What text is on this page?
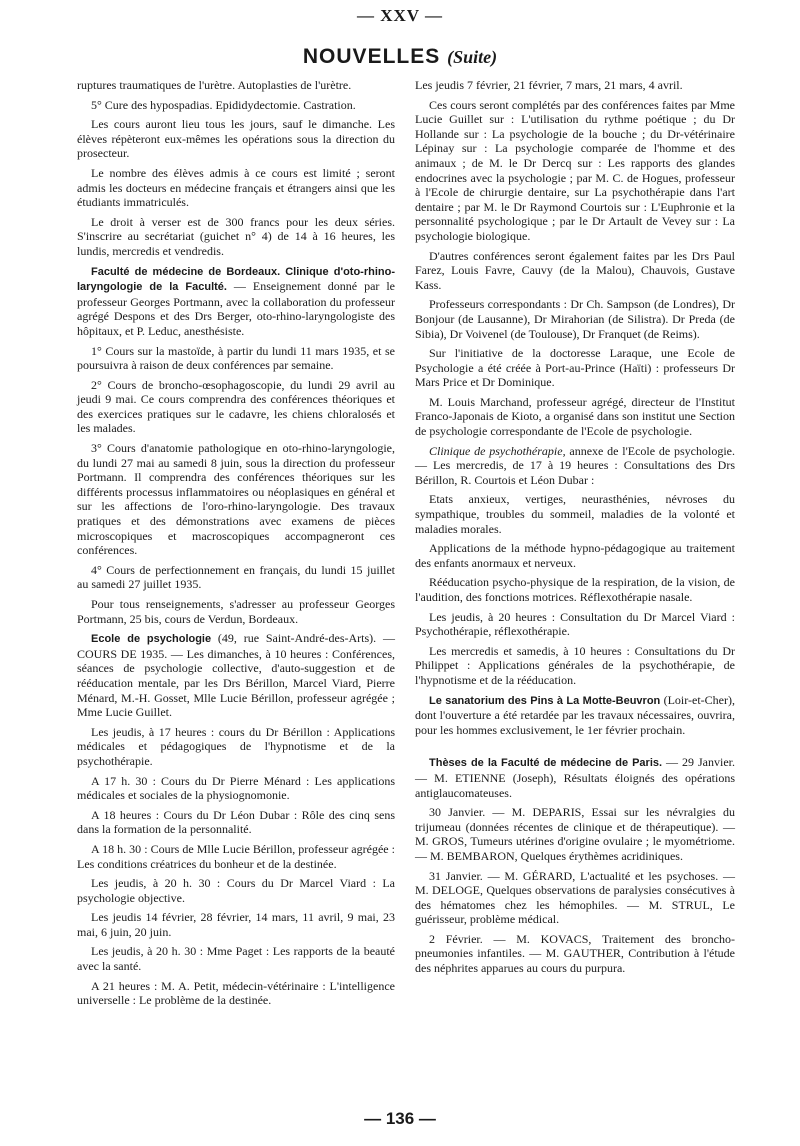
— XXV —
NOUVELLES (Suite)

ruptures traumatiques de l'urètre. Autoplasties de l'urètre.

5° Cure des hypospadias. Epididydectomie. Castration.

Les cours auront lieu tous les jours, sauf le dimanche. Les élèves répèteront eux-mêmes les opérations sous la direction du prosecteur.

Le nombre des élèves admis à ce cours est limité ; seront admis les docteurs en médecine français et étrangers ainsi que les étudiants immatriculés.

Le droit à verser est de 300 francs pour les deux séries. S'inscrire au secrétariat (guichet n° 4) de 14 à 16 heures, les lundis, mercredis et vendredis.

Faculté de médecine de Bordeaux. Clinique d'oto-rhino-laryngologie de la Faculté. — Enseignement donné par le professeur Georges Portmann, avec la collaboration du professeur agrégé Despons et des Drs Berger, oto-rhino-laryngologiste des hôpitaux, et P. Leduc, anesthésiste.

1° Cours sur la mastoïde, à partir du lundi 11 mars 1935, et se poursuivra à raison de deux conférences par semaine.

2° Cours de broncho-œsophagoscopie, du lundi 29 avril au jeudi 9 mai. Ce cours comprendra des conférences théoriques et des exercices pratiques sur le cadavre, les chiens chloralosés et les malades.

3° Cours d'anatomie pathologique en oto-rhino-laryngologie, du lundi 27 mai au samedi 8 juin, sous la direction du professeur Portmann. Il comprendra des conférences théoriques sur les différents processus inflammatoires ou néoplasiques en général et sur les affections de l'oro-rhino-laryngologie. Des travaux pratiques et des démonstrations avec examens de pièces microscopiques et macroscopiques accompagneront ces conférences.

4° Cours de perfectionnement en français, du lundi 15 juillet au samedi 27 juillet 1935.

Pour tous renseignements, s'adresser au professeur Georges Portmann, 25 bis, cours de Verdun, Bordeaux.

Ecole de psychologie (49, rue Saint-André-des-Arts). — COURS DE 1935. — Les dimanches, à 10 heures : Conférences, séances de psychologie collective, d'auto-suggestion et de rééducation mentale, par les Drs Bérillon, Marcel Viard, Pierre Ménard, M.-H. Gosset, Mlle Lucie Bérillon, professeur agrégée ; Mme Lucie Guillet.

Les jeudis, à 17 heures : cours du Dr Bérillon : Applications médicales et pédagogiques de l'hypnotisme et de la psychothérapie.

A 17 h. 30 : Cours du Dr Pierre Ménard : Les applications médicales et sociales de la physiognomonie.

A 18 heures : Cours du Dr Léon Dubar : Rôle des cinq sens dans la formation de la personnalité.

A 18 h. 30 : Cours de Mlle Lucie Bérillon, professeur agrégée : Les conditions créatrices du bonheur et de la destinée.

Les jeudis, à 20 h. 30 : Cours du Dr Marcel Viard : La psychologie objective.

Les jeudis 14 février, 28 février, 14 mars, 11 avril, 9 mai, 23 mai, 6 juin, 20 juin.

Les jeudis, à 20 h. 30 : Mme Paget : Les rapports de la beauté avec la santé.

A 21 heures : M. A. Petit, médecin-vétérinaire : L'intelligence universelle : Le problème de la destinée.

Les jeudis 7 février, 21 février, 7 mars, 21 mars, 4 avril.

Ces cours seront complétés par des conférences faites par Mme Lucie Guillet sur : L'utilisation du rythme poétique ; du Dr Hollande sur : La psychologie de la bouche ; du Dr-vétérinaire Lépinay sur : La psychologie comparée de l'homme et des animaux ; de M. le Dr Dercq sur : Les rapports des glandes endocrines avec la psychologie ; par M. C. de Hogues, professeur à l'Ecole de chirurgie dentaire, sur La psychothérapie dans l'art dentaire ; par M. le Dr Raymond Courtois sur : L'Euphronie et la personnalité psychologique ; par le Dr Artault de Vevey sur : La psychologie biologique.

D'autres conférences seront également faites par les Drs Paul Farez, Louis Favre, Cauvy (de la Malou), Chauvois, Gustave Kass.

Professeurs correspondants : Dr Ch. Sampson (de Londres), Dr Bonjour (de Lausanne), Dr Mirahorian (de Silistra). Dr Preda (de Sibia), Dr Voivenel (de Toulouse), Dr Franquet (de Reims).

Sur l'initiative de la doctoresse Laraque, une Ecole de Psychologie a été créée à Port-au-Prince (Haïti) : professeurs Dr Mars Price et Dr Dominique.

M. Louis Marchand, professeur agrégé, directeur de l'Institut Franco-Japonais de Kioto, a organisé dans son institut une Section de psychologie correspondante de l'Ecole de psychologie.

Clinique de psychothérapie, annexe de l'Ecole de psychologie. — Les mercredis, de 17 à 19 heures : Consultations des Drs Bérillon, R. Courtois et Léon Dubar :

Etats anxieux, vertiges, neurasthénies, névroses du sympathique, troubles du sommeil, maladies de la volonté et maladies morales.

Applications de la méthode hypno-pédagogique au traitement des enfants anormaux et nerveux.

Rééducation psycho-physique de la respiration, de la vision, de l'audition, des fonctions motrices. Réflexothérapie nasale.

Les jeudis, à 20 heures : Consultation du Dr Marcel Viard : Psychothérapie, réflexothérapie.

Les mercredis et samedis, à 10 heures : Consultations du Dr Philippet : Applications générales de la psychothérapie, de l'hypnotisme et de la rééducation.

Le sanatorium des Pins à La Motte-Beuvron (Loir-et-Cher), dont l'ouverture a été retardée par les travaux nécessaires, ouvrira, pour les hommes exclusivement, le 1er février prochain.

Thèses de la Faculté de médecine de Paris. — 29 Janvier. — M. ETIENNE (Joseph), Résultats éloignés des opérations antiglaucomateuses.

30 Janvier. — M. DEPARIS, Essai sur les névralgies du trijumeau (données récentes de clinique et de thérapeutique). — M. GROS, Tumeurs utérines d'origine ovulaire ; le myométriome. — M. BEMBARON, Quelques érythèmes acridiniques.

31 Janvier. — M. GÉRARD, L'actualité et les psychoses. — M. DELOGE, Quelques observations de paralysies consécutives à des hématomes chez les hémophiles. — M. STRUL, Le guérisseur, problème médical.

2 Février. — M. KOVACS, Traitement des broncho-pneumonies infantiles. — M. GAUTHER, Contribution à l'étude des néphrites apparues au cours du purpura.

— 136 —
